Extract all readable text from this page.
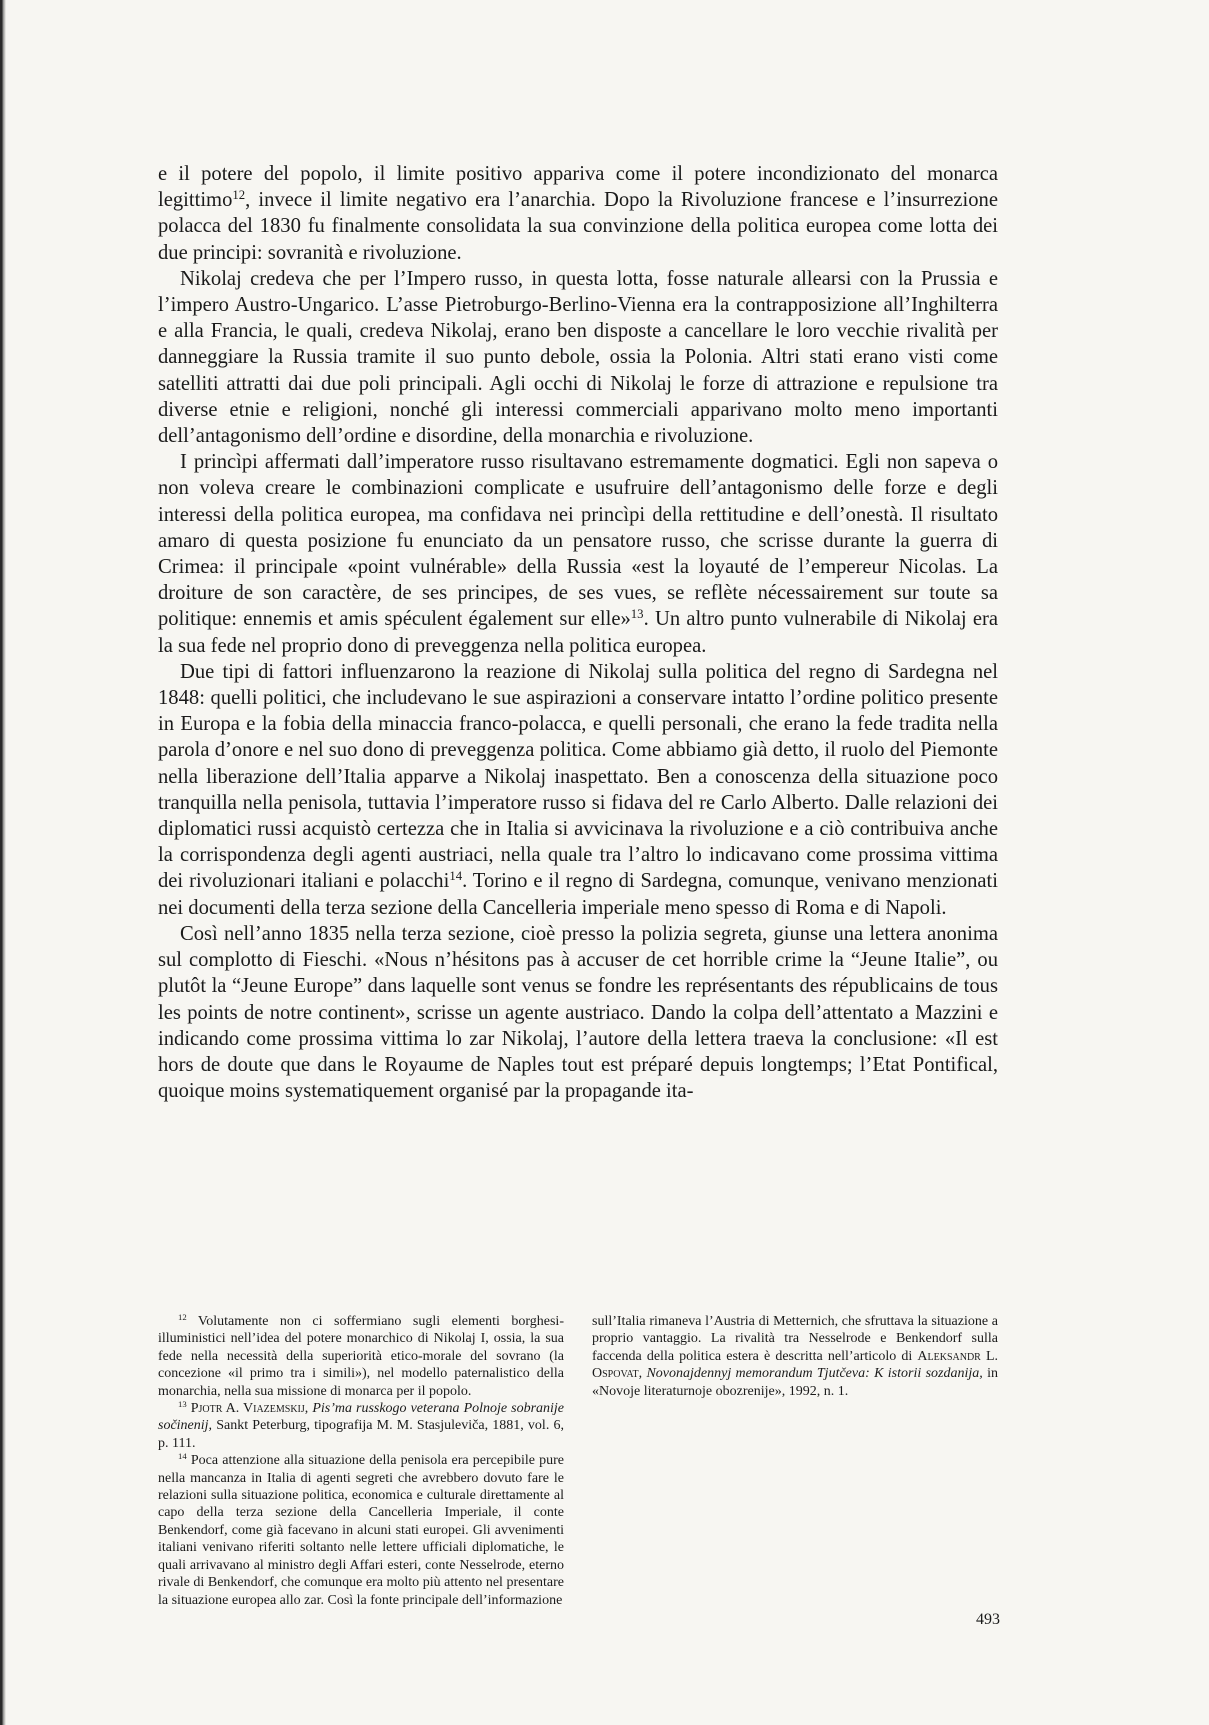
e il potere del popolo, il limite positivo appariva come il potere incondizionato del monarca legittimo$^{12}$, invece il limite negativo era l’anarchia. Dopo la Rivoluzione francese e l’insurrezione polacca del 1830 fu finalmente consolidata la sua convinzione della politica europea come lotta dei due principi: sovranità e rivoluzione.

Nikolaj credeva che per l’Impero russo, in questa lotta, fosse naturale allearsi con la Prussia e l’impero Austro-Ungarico. L’asse Pietroburgo-Berlino-Vienna era la contrapposizione all’Inghilterra e alla Francia, le quali, credeva Nikolaj, erano ben disposte a cancellare le loro vecchie rivalità per danneggiare la Russia tramite il suo punto debole, ossia la Polonia. Altri stati erano visti come satelliti attratti dai due poli principali. Agli occhi di Nikolaj le forze di attrazione e repulsione tra diverse etnie e religioni, nonché gli interessi commerciali apparivano molto meno importanti dell’antagonismo dell’ordine e disordine, della monarchia e rivoluzione.

I princìpi affermati dall’imperatore russo risultavano estremamente dogmatici. Egli non sapeva o non voleva creare le combinazioni complicate e usufruire dell’antagonismo delle forze e degli interessi della politica europea, ma confidava nei princìpi della rettitudine e dell’onestà. Il risultato amaro di questa posizione fu enunciato da un pensatore russo, che scrisse durante la guerra di Crimea: il principale «point vulnérable» della Russia «est la loyauté de l’empereur Nicolas. La droiture de son caractère, de ses principes, de ses vues, se reflète nécessairement sur toute sa politique: ennemis et amis spéculent également sur elle»$^{13}$. Un altro punto vulnerabile di Nikolaj era la sua fede nel proprio dono di preveggenza nella politica europea.

Due tipi di fattori influenzarono la reazione di Nikolaj sulla politica del regno di Sardegna nel 1848: quelli politici, che includevano le sue aspirazioni a conservare intatto l’ordine politico presente in Europa e la fobia della minaccia franco-polacca, e quelli personali, che erano la fede tradita nella parola d’onore e nel suo dono di preveggenza politica. Come abbiamo già detto, il ruolo del Piemonte nella liberazione dell’Italia apparve a Nikolaj inaspettato. Ben a conoscenza della situazione poco tranquilla nella penisola, tuttavia l’imperatore russo si fidava del re Carlo Alberto. Dalle relazioni dei diplomatici russi acquistò certezza che in Italia si avvicinava la rivoluzione e a ciò contribuiva anche la corrispondenza degli agenti austriaci, nella quale tra l’altro lo indicavano come prossima vittima dei rivoluzionari italiani e polacchi$^{14}$. Torino e il regno di Sardegna, comunque, venivano menzionati nei documenti della terza sezione della Cancelleria imperiale meno spesso di Roma e di Napoli.

Così nell’anno 1835 nella terza sezione, cioè presso la polizia segreta, giunse una lettera anonima sul complotto di Fieschi. «Nous n’hésitons pas à accuser de cet horrible crime la “Jeune Italie”, ou plutôt la “Jeune Europe” dans laquelle sont venus se fondre les représentants des républicains de tous les points de notre continent», scrisse un agente austriaco. Dando la colpa dell’attentato a Mazzini e indicando come prossima vittima lo zar Nikolaj, l’autore della lettera traeva la conclusione: «Il est hors de doute que dans le Royaume de Naples tout est préparé depuis longtemps; l’Etat Pontifical, quoique moins systematiquement organisé par la propagande ita-

$^{12}$ Volutamente non ci soffermiano sugli elementi borghesi-illuministici nell’idea del potere monarchico di Nikolaj I, ossia, la sua fede nella necessità della superiorità etico-morale del sovrano (la concezione «il primo tra i simili»), nel modello paternalistico della monarchia, nella sua missione di monarca per il popolo.

$^{13}$ Pjotr A. Viazemskij, Pis’ma russkogo veterana Polnoje sobranije sočinenij, Sankt Peterburg, tipografija M. M. Stasjulevičа, 1881, vol. 6, p. 111.

$^{14}$ Poca attenzione alla situazione della penisola era percepibile pure nella mancanza in Italia di agenti segreti che avrebbero dovuto fare le relazioni sulla situazione politica, economica e culturale direttamente al capo della terza sezione della Cancelleria Imperiale, il conte Benkendorf, come già facevano in alcuni stati europei. Gli avvenimenti italiani venivano riferiti soltanto nelle lettere ufficiali diplomatiche, le quali arrivavano al ministro degli Affari esteri, conte Nesselrode, eterno rivale di Benkendorf, che comunque era molto più attento nel presentare la situazione europea allo zar. Così la fonte principale dell’informazione

sull’Italia rimaneva l’Austria di Metternich, che sfruttava la situazione a proprio vantaggio. La rivalità tra Nesselrode e Benkendorf sulla faccenda della politica estera è descritta nell’articolo di Aleksandr L. Ospovat, Novonajdennyj memorandum Tjutčeva: K istorii sozdanija, in «Novoje literaturnoje obozrenije», 1992, n. 1.

493
